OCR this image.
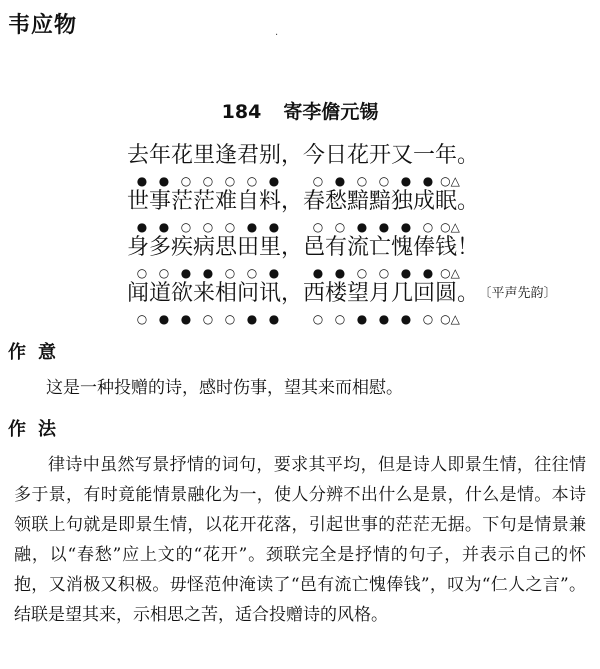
韦应物	·
184 寄李儋元锡
去年花里逢君别，今日花开又一年。
● ● ○ ○ ○ ○ ●	○ ● ○ ○ ● ● ○△
世事茫茫难自料，春愁黯黯独成眠。
● ● ○ ○ ○ ● ●	○ ○ ● ● ● ○ ○△
身多疾病思田里，邑有流亡愧俸钱！
○ ○ ● ● ○ ○ ●	● ● ○ ○ ● ● ○△
闻道欲来相问讯，西楼望月几回圆。 〔平声先韵〕
○ ● ● ○ ○ ● ●	○ ○ ● ● ● ○ ○△
作意
这是一种投赠的诗，感时伤事，望其来而相慰。
作法
律诗中虽然写景抒情的词句，要求其平均，但是诗人即景生情，往往情多于景，有时竟能情景融化为一，使人分辨不出什么是景，什么是情。本诗领联上句就是即景生情，以花开花落，引起世事的茫茫无据。下句是情景兼融，以“春愁”应上文的“花开”。颈联完全是抒情的句子，并表示自己的怀抱，又消极又积极。毋怪范仲淹读了“邑有流亡愧俸钱”，叹为“仁人之言”。结联是望其来，示相思之苦，适合投赠诗的风格。
